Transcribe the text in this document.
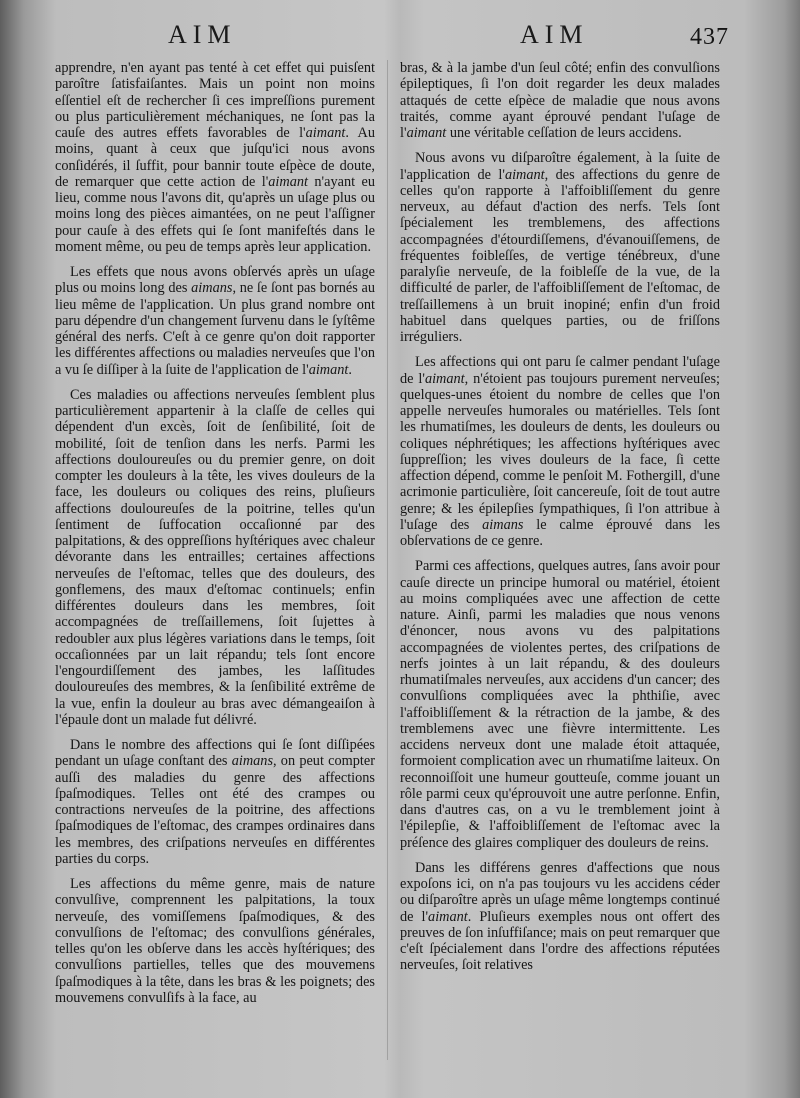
AIM	AIM	437

apprendre, n'en ayant pas tenté à cet effet qui puisſent paroître ſatisfaiſantes. Mais un point non moins eſſentiel eſt de rechercher ſi ces impreſſions purement ou plus particulièrement méchaniques, ne ſont pas la cauſe des autres effets favorables de l'aimant. Au moins, quant à ceux que juſqu'ici nous avons conſidérés, il ſuffit, pour bannir toute eſpèce de doute, de remarquer que cette action de l'aimant n'ayant eu lieu, comme nous l'avons dit, qu'après un uſage plus ou moins long des pièces aimantées, on ne peut l'aſſigner pour cauſe à des effets qui ſe ſont manifeſtés dans le moment même, ou peu de temps après leur application.

Les effets que nous avons obſervés après un uſage plus ou moins long des aimans, ne ſe ſont pas bornés au lieu même de l'application. Un plus grand nombre ont paru dépendre d'un changement ſurvenu dans le ſyſtême général des nerfs. C'eſt à ce genre qu'on doit rapporter les différentes affections ou maladies nerveuſes que l'on a vu ſe diſſiper à la ſuite de l'application de l'aimant.

Ces maladies ou affections nerveuſes ſemblent plus particulièrement appartenir à la claſſe de celles qui dépendent d'un excès, ſoit de ſenſibilité, ſoit de mobilité, ſoit de tenſion dans les nerfs. Parmi les affections douloureuſes ou du premier genre, on doit compter les douleurs à la tête, les vives douleurs de la face, les douleurs ou coliques des reins, pluſieurs affections douloureuſes de la poitrine, telles qu'un ſentiment de ſuffocation occaſionné par des palpitations, & des oppreſſions hyſtériques avec chaleur dévorante dans les entrailles; certaines affections nerveuſes de l'eſtomac, telles que des douleurs, des gonflemens, des maux d'eſtomac continuels; enfin différentes douleurs dans les membres, ſoit accompagnées de treſſaillemens, ſoit ſujettes à redoubler aux plus légères variations dans le temps, ſoit occaſionnées par un lait répandu; tels ſont encore l'engourdiſſement des jambes, les laſſitudes douloureuſes des membres, & la ſenſibilité extrême de la vue, enfin la douleur au bras avec démangeaiſon à l'épaule dont un malade fut délivré.

Dans le nombre des affections qui ſe ſont diſſipées pendant un uſage conſtant des aimans, on peut compter auſſi des maladies du genre des affections ſpaſmodiques. Telles ont été des crampes ou contractions nerveuſes de la poitrine, des affections ſpaſmodiques de l'eſtomac, des crampes ordinaires dans les membres, des criſpations nerveuſes en différentes parties du corps.

Les affections du même genre, mais de nature convulſive, comprennent les palpitations, la toux nerveuſe, des vomiſſemens ſpaſmodiques, & des convulſions de l'eſtomac; des convulſions générales, telles qu'on les obſerve dans les accès hyſtériques; des convulſions partielles, telles que des mouvemens ſpaſmodiques à la tête, dans les bras & les poignets; des mouvemens convulſifs à la face, au

bras, & à la jambe d'un ſeul côté; enfin des convulſions épileptiques, ſi l'on doit regarder les deux malades attaqués de cette eſpèce de maladie que nous avons traités, comme ayant éprouvé pendant l'uſage de l'aimant une véritable ceſſation de leurs accidens.

Nous avons vu diſparoître également, à la ſuite de l'application de l'aimant, des affections du genre de celles qu'on rapporte à l'affoibliſſement du genre nerveux, au défaut d'action des nerfs. Tels ſont ſpécialement les tremblemens, des affections accompagnées d'étourdiſſemens, d'évanouiſſemens, de fréquentes foibleſſes, de vertige ténébreux, d'une paralyſie nerveuſe, de la foibleſſe de la vue, de la difficulté de parler, de l'affoibliſſement de l'eſtomac, de treſſaillemens à un bruit inopiné; enfin d'un froid habituel dans quelques parties, ou de friſſons irréguliers.

Les affections qui ont paru ſe calmer pendant l'uſage de l'aimant, n'étoient pas toujours purement nerveuſes; quelques-unes étoient du nombre de celles que l'on appelle nerveuſes humorales ou matérielles. Tels ſont les rhumatiſmes, les douleurs de dents, les douleurs ou coliques néphrétiques; les affections hyſtériques avec ſuppreſſion; les vives douleurs de la face, ſi cette affection dépend, comme le penſoit M. Fothergill, d'une acrimonie particulière, ſoit cancereuſe, ſoit de tout autre genre; & les épilepſies ſympathiques, ſi l'on attribue à l'uſage des aimans le calme éprouvé dans les obſervations de ce genre.

Parmi ces affections, quelques autres, ſans avoir pour cauſe directe un principe humoral ou matériel, étoient au moins compliquées avec une affection de cette nature. Ainſi, parmi les maladies que nous venons d'énoncer, nous avons vu des palpitations accompagnées de violentes pertes, des criſpations de nerfs jointes à un lait répandu, & des douleurs rhumatiſmales nerveuſes, aux accidens d'un cancer; des convulſions compliquées avec la phthiſie, avec l'affoibliſſement & la rétraction de la jambe, & des tremblemens avec une fièvre intermittente. Les accidens nerveux dont une malade étoit attaquée, formoient complication avec un rhumatiſme laiteux. On reconnoiſſoit une humeur goutteuſe, comme jouant un rôle parmi ceux qu'éprouvoit une autre perſonne. Enfin, dans d'autres cas, on a vu le tremblement joint à l'épilepſie, & l'affoibliſſement de l'eſtomac avec la préſence des glaires compliquer des douleurs de reins.

Dans les différens genres d'affections que nous expoſons ici, on n'a pas toujours vu les accidens céder ou diſparoître après un uſage même longtemps continué de l'aimant. Pluſieurs exemples nous ont offert des preuves de ſon inſuffiſance; mais on peut remarquer que c'eſt ſpécialement dans l'ordre des affections réputées nerveuſes, ſoit relatives
